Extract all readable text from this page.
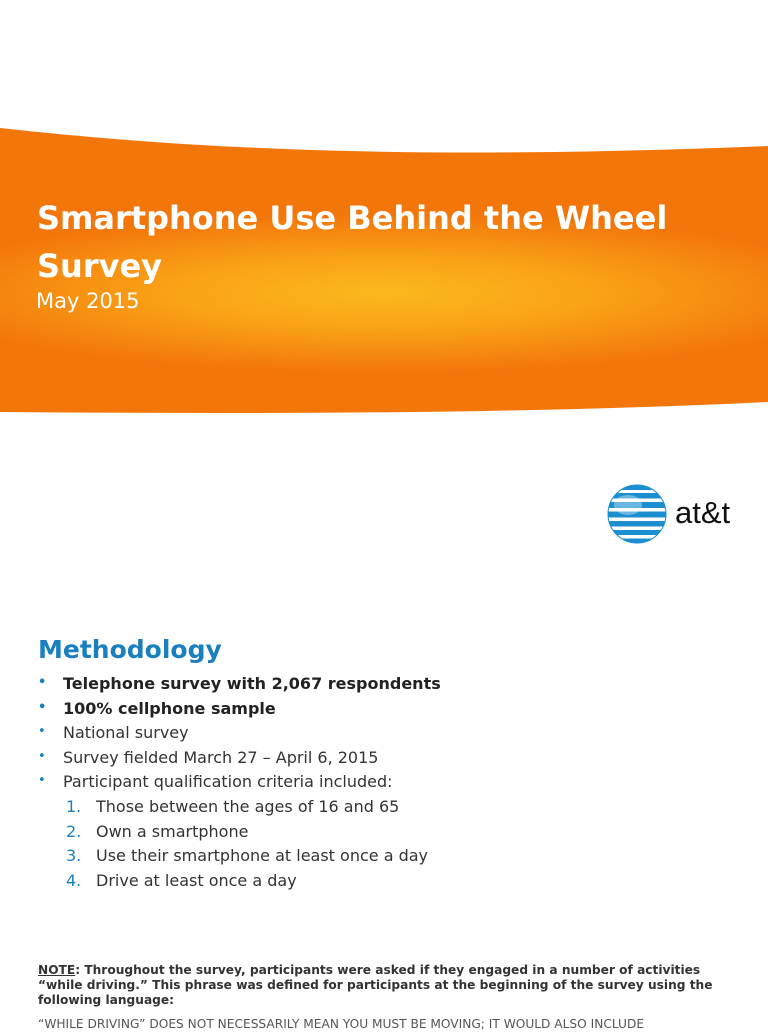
Smartphone Use Behind the Wheel Survey
May 2015
at&t
Methodology
• Telephone survey with 2,067 respondents
• 100% cellphone sample
• National survey
• Survey fielded March 27 – April 6, 2015
• Participant qualification criteria included:
1. Those between the ages of 16 and 65
2. Own a smartphone
3. Use their smartphone at least once a day
4. Drive at least once a day

NOTE: Throughout the survey, participants were asked if they engaged in a number of activities “while driving.” This phrase was defined for participants at the beginning of the survey using the following language:

“WHILE DRIVING” DOES NOT NECESSARILY MEAN YOU MUST BE MOVING; IT WOULD ALSO INCLUDE
